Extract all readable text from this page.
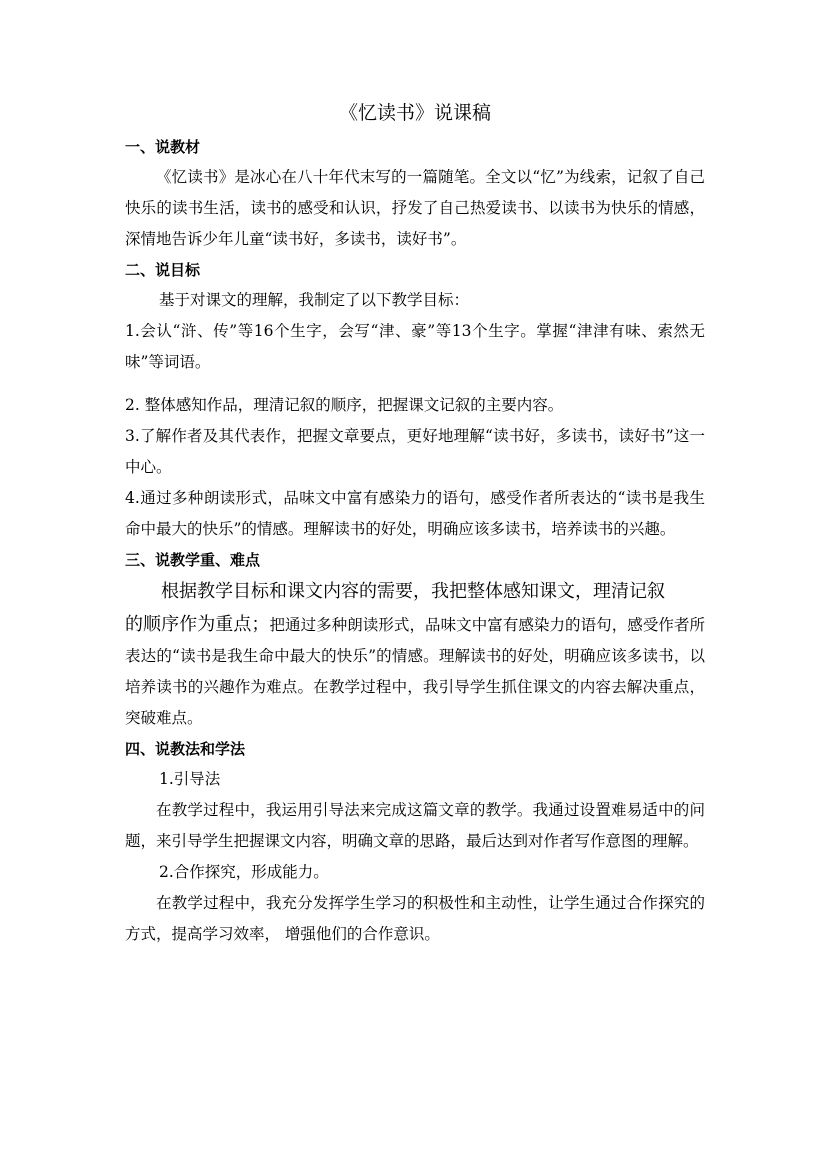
《忆读书》说课稿
一、说教材

《忆读书》是冰心在八十年代末写的一篇随笔。全文以“忆”为线索，记叙了自己快乐的读书生活，读书的感受和认识，抒发了自己热爱读书、以读书为快乐的情感，深情地告诉少年儿童“读书好，多读书，读好书”。

二、说目标

基于对课文的理解，我制定了以下教学目标：

1.会认“浒、传”等16个生字，会写“津、豪”等13个生字。掌握“津津有味、索然无味”等词语。

2. 整体感知作品，理清记叙的顺序，把握课文记叙的主要内容。

3.了解作者及其代表作，把握文章要点，更好地理解“读书好，多读书，读好书”这一中心。

4.通过多种朗读形式，品味文中富有感染力的语句，感受作者所表达的“读书是我生命中最大的快乐”的情感。理解读书的好处，明确应该多读书，培养读书的兴趣。

三、说教学重、难点

根据教学目标和课文内容的需要，我把整体感知课文，理清记叙

的顺序作为重点；把通过多种朗读形式，品味文中富有感染力的语句，感受作者所表达的“读书是我生命中最大的快乐”的情感。理解读书的好处，明确应该多读书，以培养读书的兴趣作为难点。在教学过程中，我引导学生抓住课文的内容去解决重点，突破难点。

四、说教法和学法

1.引导法

在教学过程中，我运用引导法来完成这篇文章的教学。我通过设置难易适中的问题，来引导学生把握课文内容，明确文章的思路，最后达到对作者写作意图的理解。

2.合作探究，形成能力。

在教学过程中，我充分发挥学生学习的积极性和主动性，让学生通过合作探究的方式，提高学习效率， 增强他们的合作意识。
